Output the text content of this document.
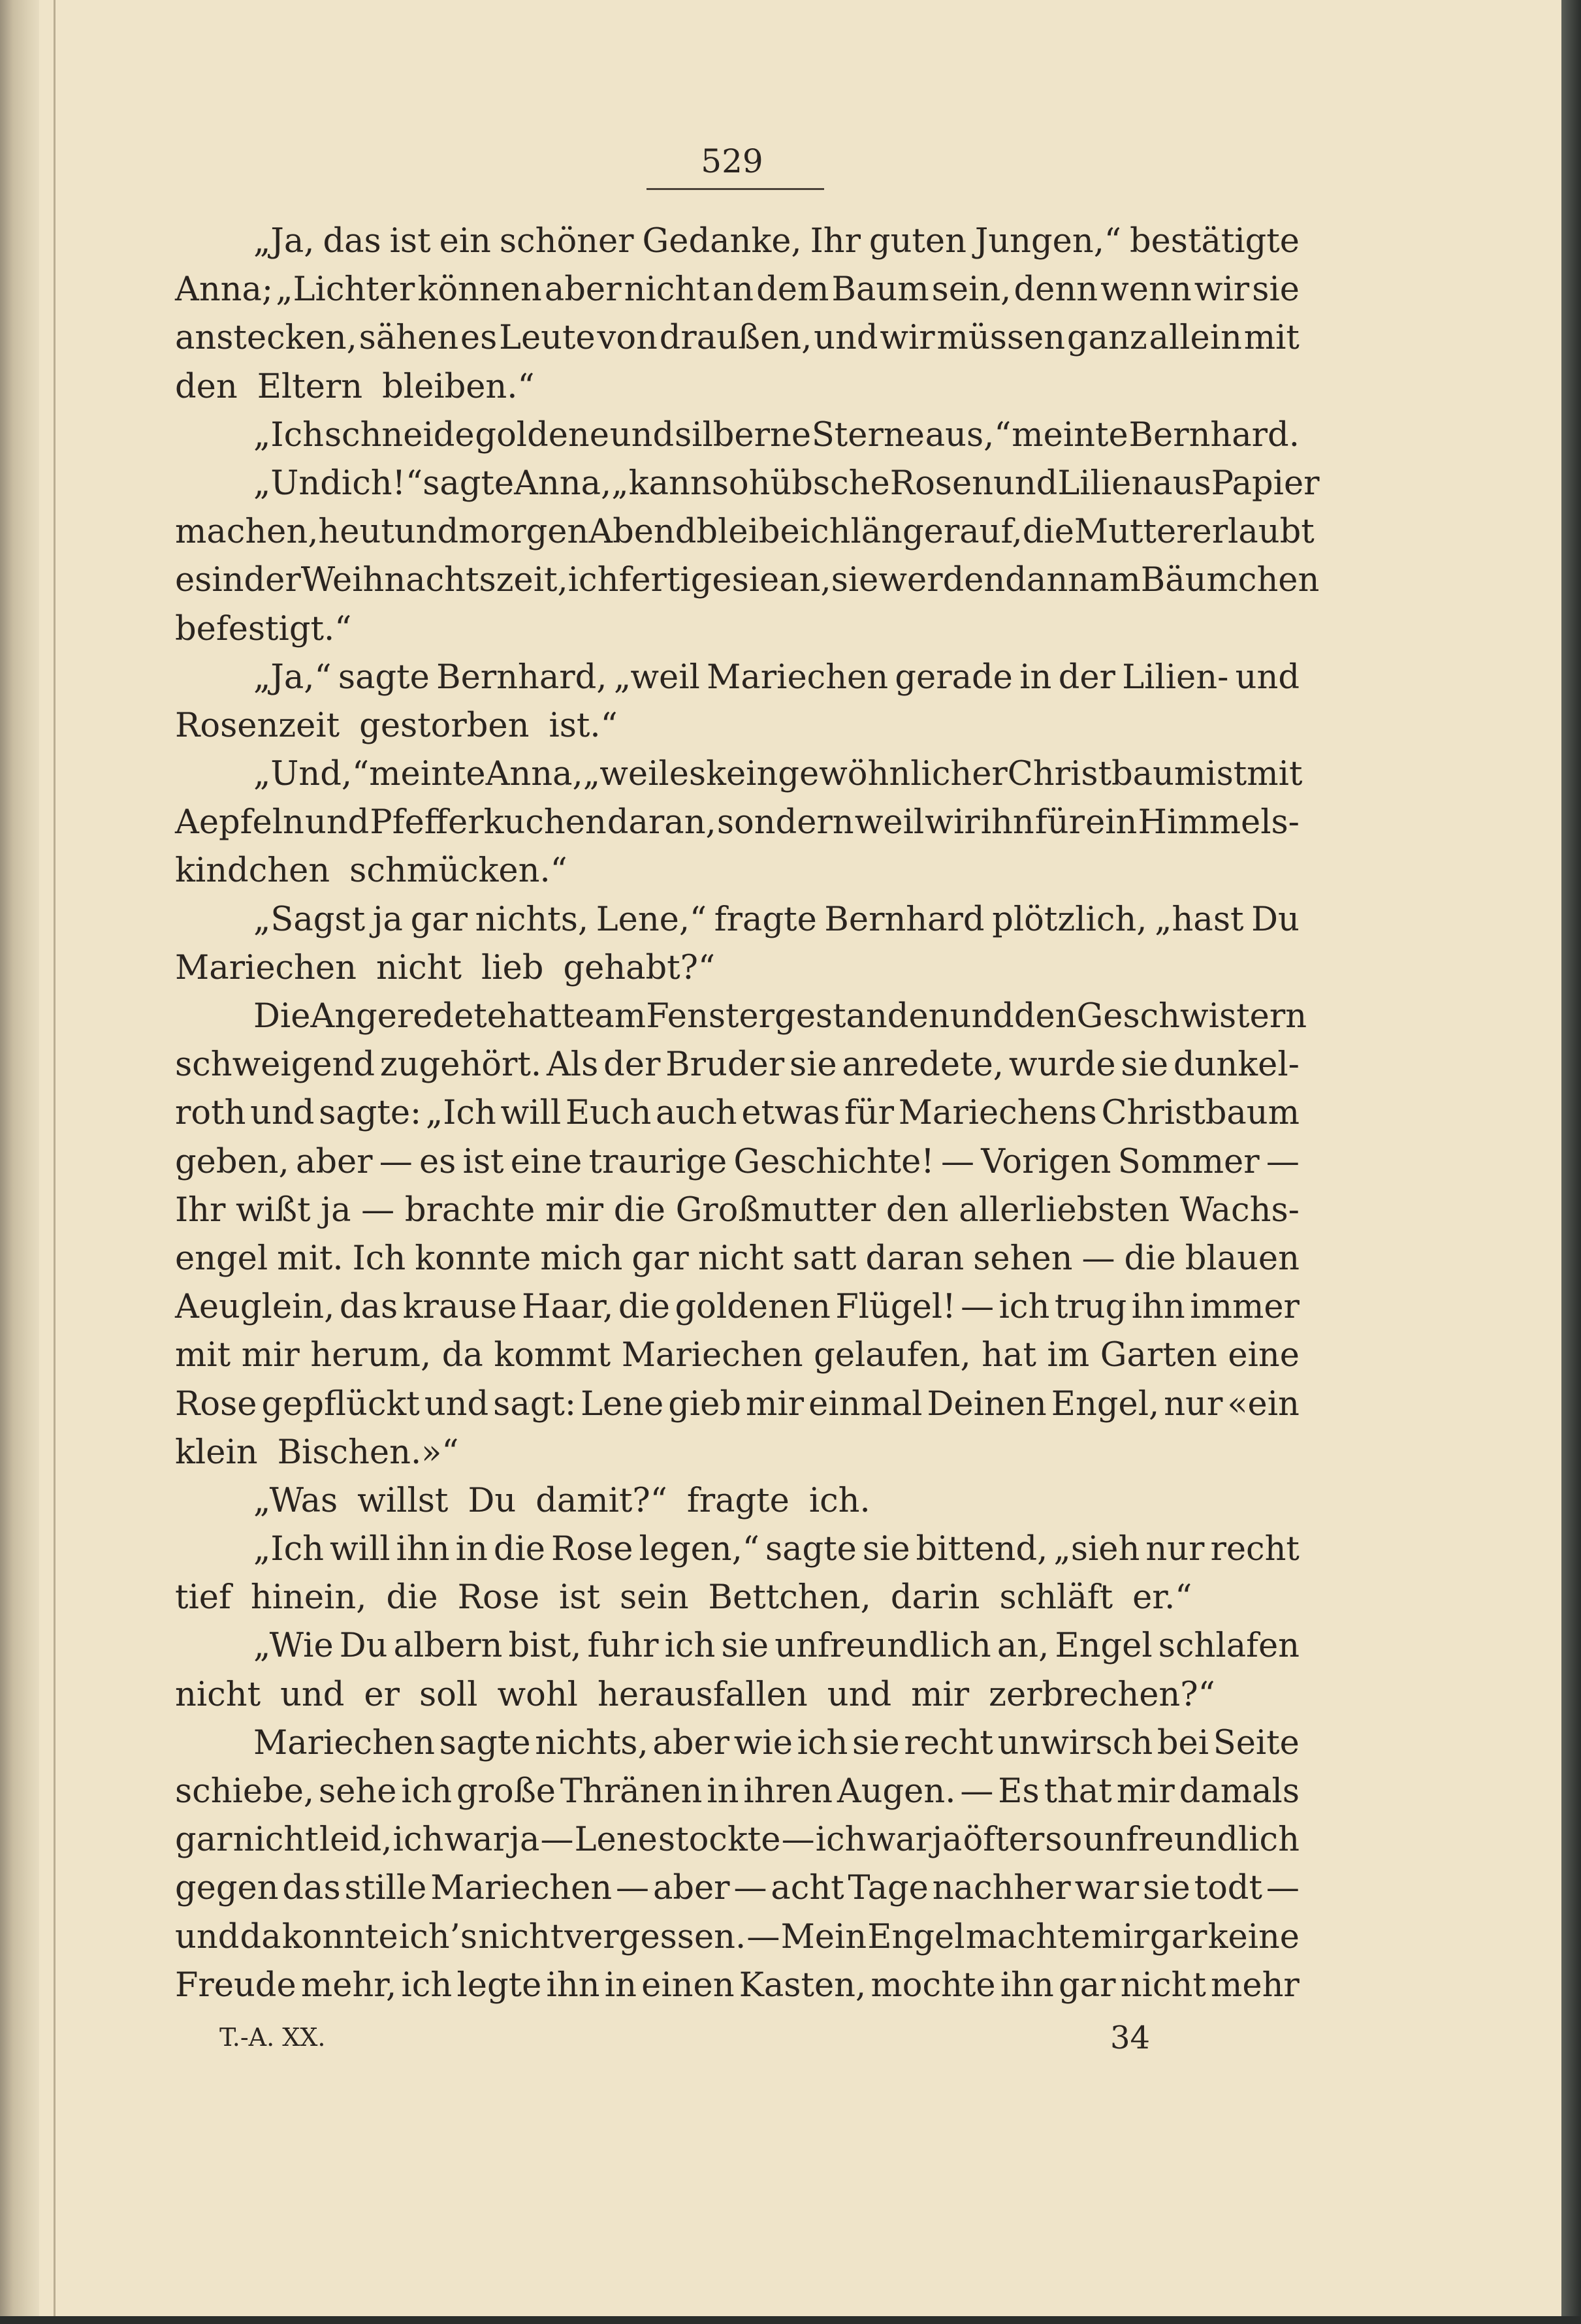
529
„Ja, das ist ein schöner Gedanke, Ihr guten Jungen,“ bestätigte
Anna; „Lichter können aber nicht an dem Baum sein, denn wenn wir sie
anstecken, sähen es Leute von draußen, und wir müssen ganz allein mit
den Eltern bleiben.“
„Ich schneide goldene und silberne Sterne aus,“ meinte Bernhard.
„Und ich!“ sagte Anna, „kann so hübsche Rosen und Lilien aus Papier
machen, heut und morgen Abend bleibe ich länger auf, die Mutter erlaubt
es in der Weihnachtszeit, ich fertige sie an, sie werden dann am Bäumchen
befestigt.“
„Ja,“ sagte Bernhard, „weil Mariechen gerade in der Lilien- und
Rosenzeit gestorben ist.“
„Und,“ meinte Anna, „weil es kein gewöhnlicher Christbaum ist mit
Aepfeln und Pfefferkuchen daran, sondern weil wir ihn für ein Himmels-
kindchen schmücken.“
„Sagst ja gar nichts, Lene,“ fragte Bernhard plötzlich, „hast Du
Mariechen nicht lieb gehabt?“
Die Angeredete hatte am Fenster gestanden und den Geschwistern
schweigend zugehört. Als der Bruder sie anredete, wurde sie dunkel-
roth und sagte: „Ich will Euch auch etwas für Mariechens Christbaum
geben, aber — es ist eine traurige Geschichte! — Vorigen Sommer —
Ihr wißt ja — brachte mir die Großmutter den allerliebsten Wachs-
engel mit. Ich konnte mich gar nicht satt daran sehen — die blauen
Aeuglein, das krause Haar, die goldenen Flügel! — ich trug ihn immer
mit mir herum, da kommt Mariechen gelaufen, hat im Garten eine
Rose gepflückt und sagt: Lene gieb mir einmal Deinen Engel, nur «ein
klein Bischen.»“
„Was willst Du damit?“ fragte ich.
„Ich will ihn in die Rose legen,“ sagte sie bittend, „sieh nur recht
tief hinein, die Rose ist sein Bettchen, darin schläft er.“
„Wie Du albern bist, fuhr ich sie unfreundlich an, Engel schlafen
nicht und er soll wohl herausfallen und mir zerbrechen?“
Mariechen sagte nichts, aber wie ich sie recht unwirsch bei Seite
schiebe, sehe ich große Thränen in ihren Augen. — Es that mir damals
gar nicht leid, ich war ja — Lene stockte — ich war ja öfter so unfreundlich
gegen das stille Mariechen — aber — acht Tage nachher war sie todt —
und da konnte ich’s nicht vergessen. — Mein Engel machte mir gar keine
Freude mehr, ich legte ihn in einen Kasten, mochte ihn gar nicht mehr
T.-A. XX.	34
